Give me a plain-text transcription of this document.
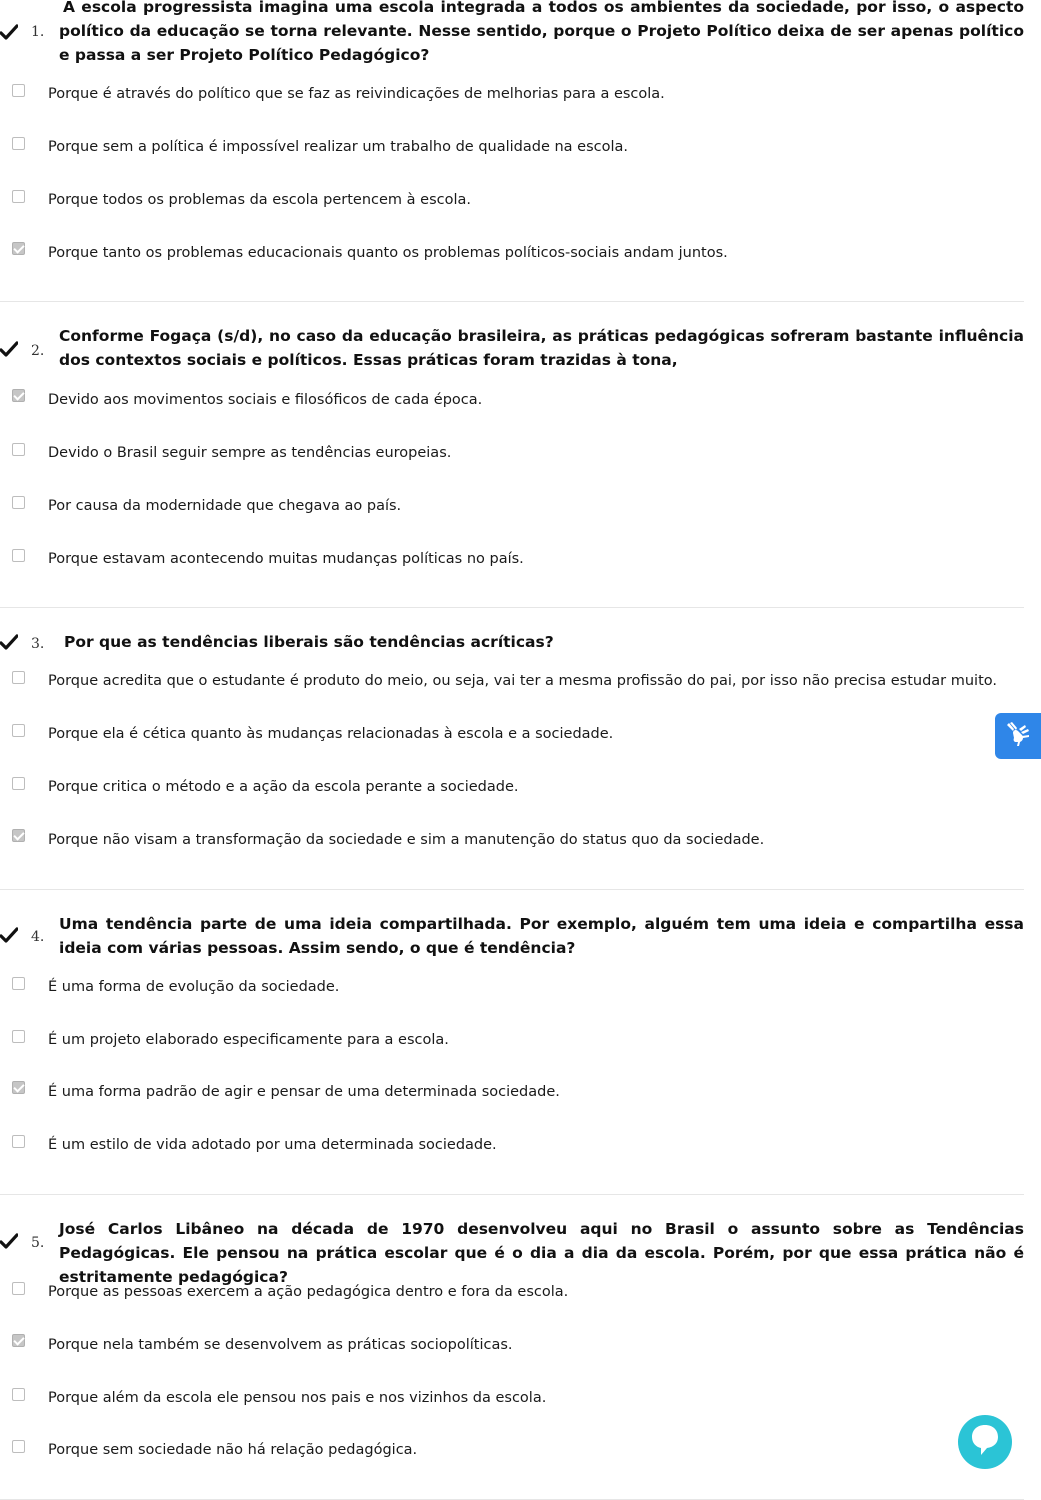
1.
A escola progressista imagina uma escola integrada a todos os ambientes da sociedade, por isso, o aspecto político da educação se torna relevante. Nesse sentido, porque o Projeto Político deixa de ser apenas político e passa a ser Projeto Político Pedagógico?
Porque é através do político que se faz as reivindicações de melhorias para a escola.
Porque sem a política é impossível realizar um trabalho de qualidade na escola.
Porque todos os problemas da escola pertencem à escola.
Porque tanto os problemas educacionais quanto os problemas políticos-sociais andam juntos.
2.
Conforme Fogaça (s/d), no caso da educação brasileira, as práticas pedagógicas sofreram bastante influência dos contextos sociais e políticos. Essas práticas foram trazidas à tona,
Devido aos movimentos sociais e filosóficos de cada época.
Devido o Brasil seguir sempre as tendências europeias.
Por causa da modernidade que chegava ao país.
Porque estavam acontecendo muitas mudanças políticas no país.
3. Por que as tendências liberais são tendências acríticas?
Porque acredita que o estudante é produto do meio, ou seja, vai ter a mesma profissão do pai, por isso não precisa estudar muito.
Porque ela é cética quanto às mudanças relacionadas à escola e a sociedade.
Porque critica o método e a ação da escola perante a sociedade.
Porque não visam a transformação da sociedade e sim a manutenção do status quo da sociedade.
4.
Uma tendência parte de uma ideia compartilhada. Por exemplo, alguém tem uma ideia e compartilha essa ideia com várias pessoas. Assim sendo, o que é tendência?
É uma forma de evolução da sociedade.
É um projeto elaborado especificamente para a escola.
É uma forma padrão de agir e pensar de uma determinada sociedade.
É um estilo de vida adotado por uma determinada sociedade.
5.
José Carlos Libâneo na década de 1970 desenvolveu aqui no Brasil o assunto sobre as Tendências Pedagógicas. Ele pensou na prática escolar que é o dia a dia da escola. Porém, por que essa prática não é estritamente pedagógica?
Porque as pessoas exercem a ação pedagógica dentro e fora da escola.
Porque nela também se desenvolvem as práticas sociopolíticas.
Porque além da escola ele pensou nos pais e nos vizinhos da escola.
Porque sem sociedade não há relação pedagógica.
